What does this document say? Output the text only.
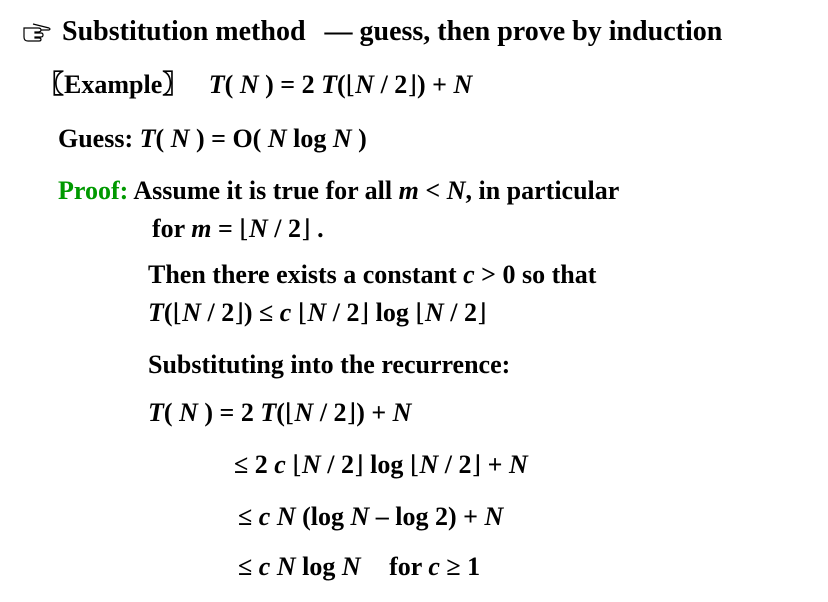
Substitution method — guess, then prove by induction
〖Example〗 T( N ) = 2 T(⌊N / 2⌋) + N
Guess: T( N ) = O( N log N )
Proof: Assume it is true for all m < N, in particular
for m = ⌊N / 2⌋ .
Then there exists a constant c > 0 so that
T(⌊N / 2⌋) ≤ c ⌊N / 2⌋ log ⌊N / 2⌋
Substituting into the recurrence:
T( N ) = 2 T(⌊N / 2⌋) + N
≤ 2 c ⌊N / 2⌋ log ⌊N / 2⌋ + N
≤ c N (log N – log 2) + N
≤ c N log N for c ≥ 1
